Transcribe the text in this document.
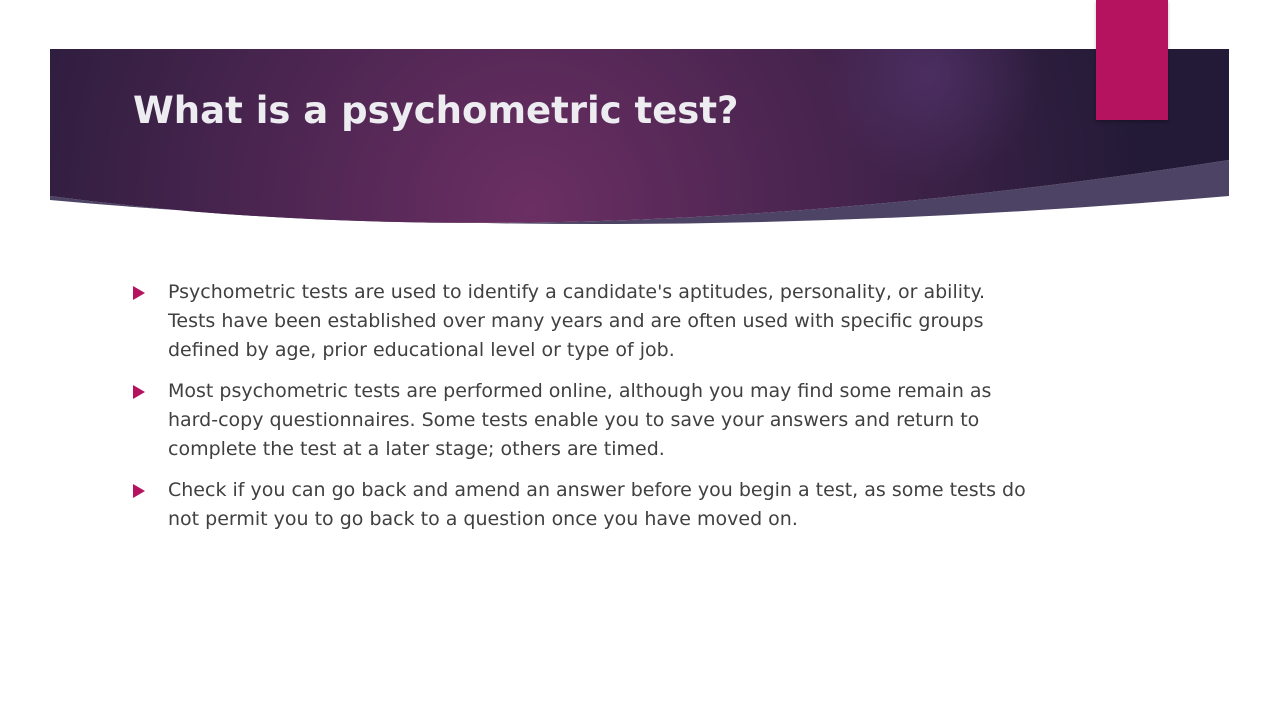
What is a psychometric test?
Psychometric tests are used to identify a candidate's aptitudes, personality, or ability. Tests have been established over many years and are often used with specific groups defined by age, prior educational level or type of job.
Most psychometric tests are performed online, although you may find some remain as hard-copy questionnaires. Some tests enable you to save your answers and return to complete the test at a later stage; others are timed.
Check if you can go back and amend an answer before you begin a test, as some tests do not permit you to go back to a question once you have moved on.
